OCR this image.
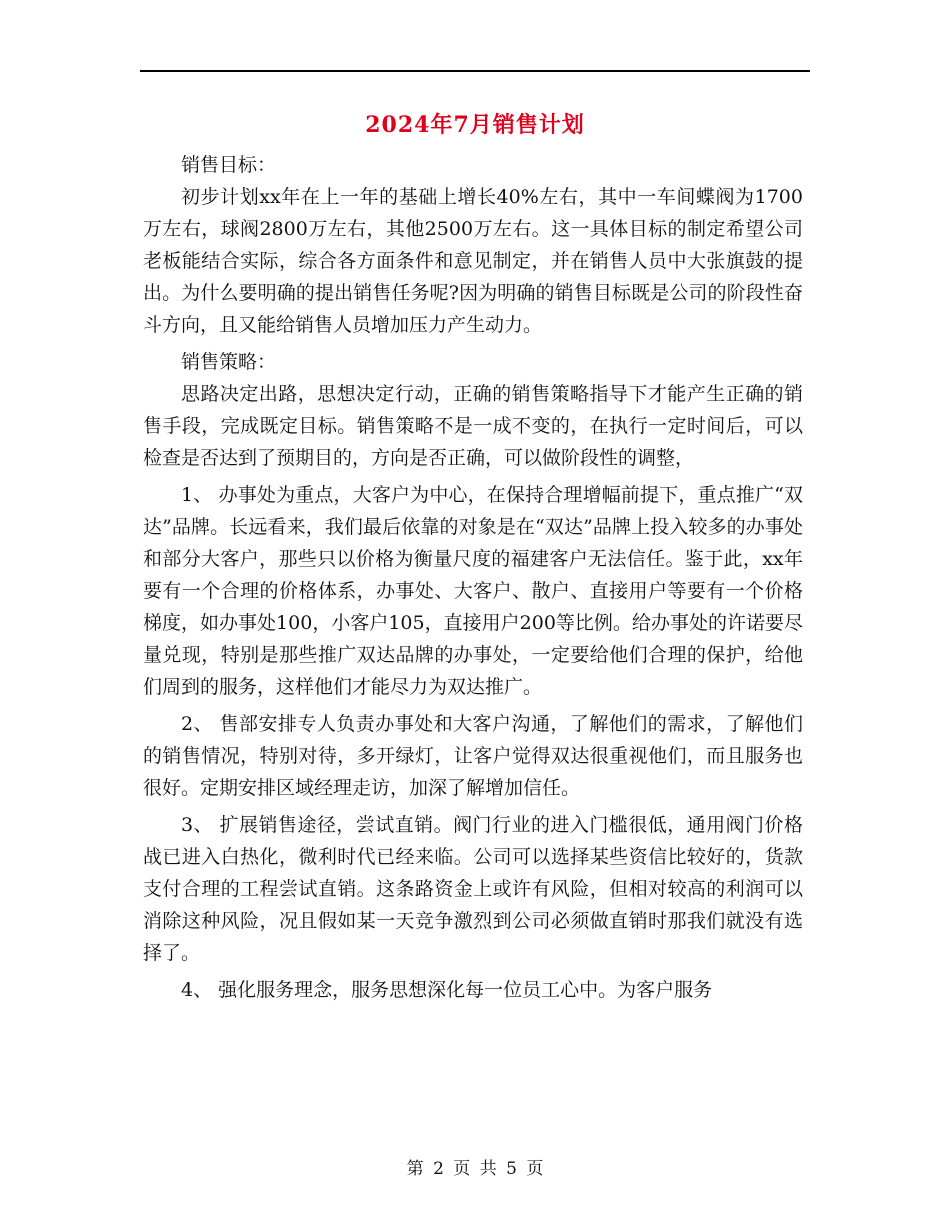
2024年7月销售计划

销售目标：

初步计划xx年在上一年的基础上增长40%左右，其中一车间蝶阀为1700万左右，球阀2800万左右，其他2500万左右。这一具体目标的制定希望公司老板能结合实际，综合各方面条件和意见制定，并在销售人员中大张旗鼓的提出。为什么要明确的提出销售任务呢?因为明确的销售目标既是公司的阶段性奋斗方向，且又能给销售人员增加压力产生动力。

销售策略：

思路决定出路，思想决定行动，正确的销售策略指导下才能产生正确的销售手段，完成既定目标。销售策略不是一成不变的，在执行一定时间后，可以检查是否达到了预期目的，方向是否正确，可以做阶段性的调整，

1、 办事处为重点，大客户为中心，在保持合理增幅前提下，重点推广“双达”品牌。长远看来，我们最后依靠的对象是在“双达”品牌上投入较多的办事处和部分大客户，那些只以价格为衡量尺度的福建客户无法信任。鉴于此，xx年要有一个合理的价格体系，办事处、大客户、散户、直接用户等要有一个价格梯度，如办事处100，小客户105，直接用户200等比例。给办事处的许诺要尽量兑现，特别是那些推广双达品牌的办事处，一定要给他们合理的保护，给他们周到的服务，这样他们才能尽力为双达推广。

2、 售部安排专人负责办事处和大客户沟通，了解他们的需求，了解他们的销售情况，特别对待，多开绿灯，让客户觉得双达很重视他们，而且服务也很好。定期安排区域经理走访，加深了解增加信任。

3、 扩展销售途径，尝试直销。阀门行业的进入门槛很低，通用阀门价格战已进入白热化，微利时代已经来临。公司可以选择某些资信比较好的，货款支付合理的工程尝试直销。这条路资金上或许有风险，但相对较高的利润可以消除这种风险，况且假如某一天竞争激烈到公司必须做直销时那我们就没有选择了。

4、 强化服务理念，服务思想深化每一位员工心中。为客户服务

第 2 页 共 5 页
